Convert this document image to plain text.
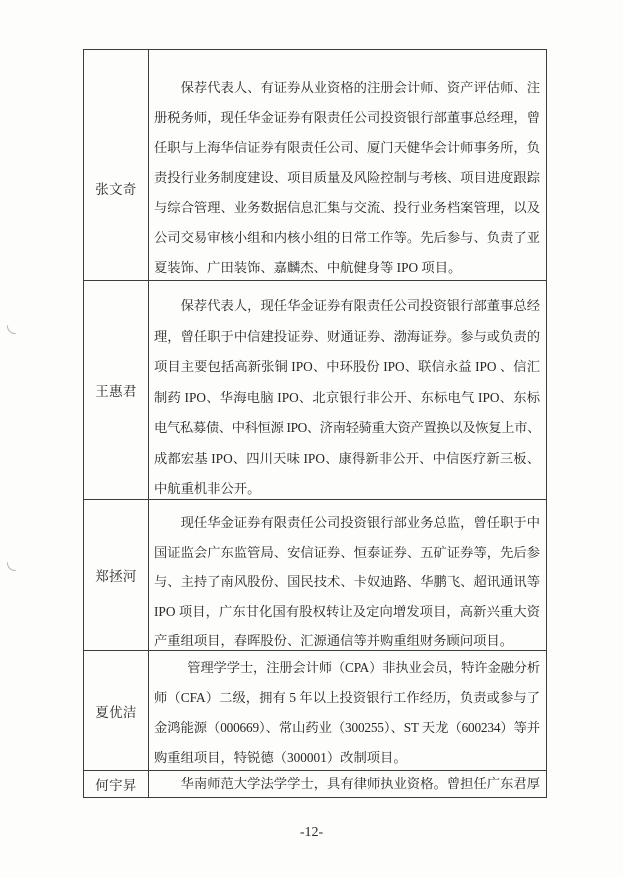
张文奇
保荐代表人、有证券从业资格的注册会计师、资产评估师、注
册税务师，现任华金证券有限责任公司投资银行部董事总经理，曾
任职与上海华信证券有限责任公司、厦门天健华会计师事务所，负
责投行业务制度建设、项目质量及风险控制与考核、项目进度跟踪
与综合管理、业务数据信息汇集与交流、投行业务档案管理，以及
公司交易审核小组和内核小组的日常工作等。先后参与、负责了亚
夏装饰、广田装饰、嘉麟杰、中航健身等 IPO 项目。
王惠君
保荐代表人，现任华金证券有限责任公司投资银行部董事总经
理，曾任职于中信建投证券、财通证券、渤海证券。参与或负责的
项目主要包括高新张铜 IPO、中环股份 IPO、联信永益 IPO 、信汇
制药 IPO、华海电脑 IPO、北京银行非公开、东标电气 IPO、东标
电气私募债、中科恒源 IPO、济南轻骑重大资产置换以及恢复上市、
成都宏基 IPO、四川天味 IPO、康得新非公开、中信医疗新三板、
中航重机非公开。
郑拯河
现任华金证券有限责任公司投资银行部业务总监，曾任职于中
国证监会广东监管局、安信证券、恒泰证券、五矿证券等，先后参
与、主持了南风股份、国民技术、卡奴迪路、华鹏飞、超讯通讯等
IPO 项目，广东甘化国有股权转让及定向增发项目，高新兴重大资
产重组项目，春晖股份、汇源通信等并购重组财务顾问项目。
夏优洁
管理学学士，注册会计师（CPA）非执业会员，特许金融分析
师（CFA）二级，拥有 5 年以上投资银行工作经历，负责或参与了
金鸿能源（000669）、常山药业（300255）、ST 天龙（600234）等并
购重组项目，特锐德（300001）改制项目。
何宇昇	华南师范大学法学学士，具有律师执业资格。曾担任广东君厚
-12-
